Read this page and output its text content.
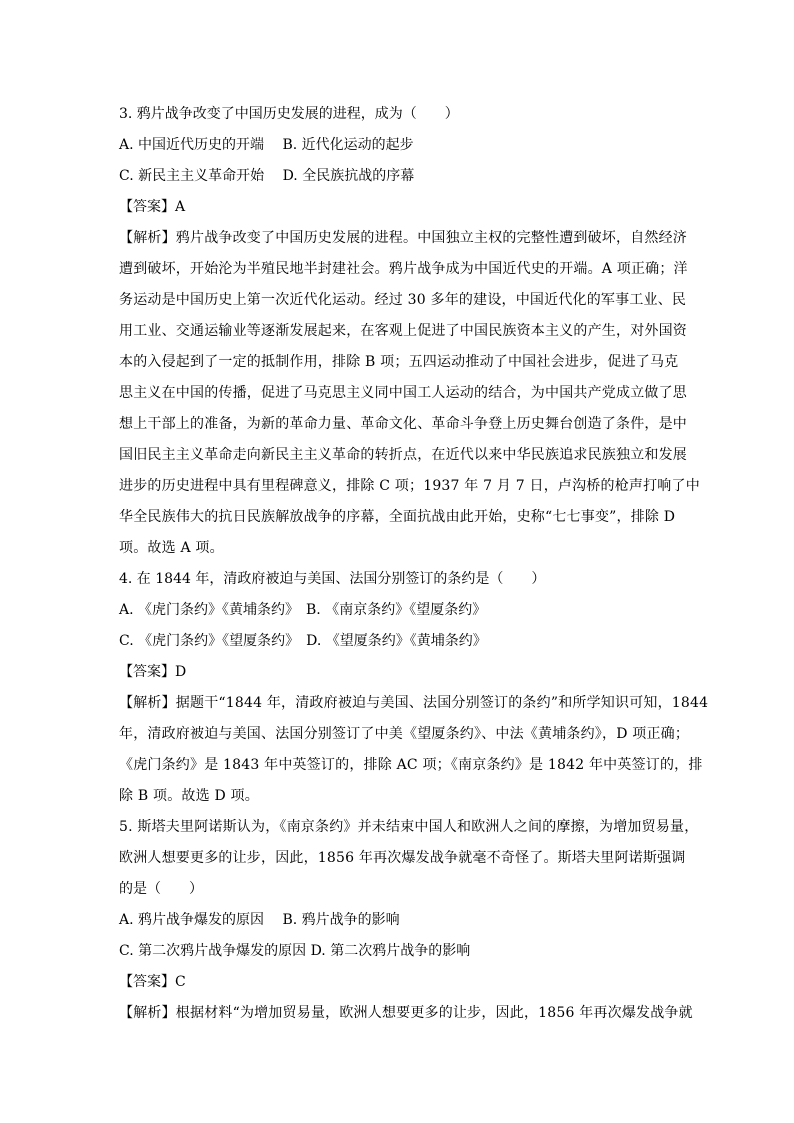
3. 鸦片战争改变了中国历史发展的进程，成为（　　）
A. 中国近代历史的开端　 B. 近代化运动的起步
C. 新民主主义革命开始　 D. 全民族抗战的序幕
【答案】A
【解析】鸦片战争改变了中国历史发展的进程。中国独立主权的完整性遭到破坏，自然经济
遭到破坏，开始沦为半殖民地半封建社会。鸦片战争成为中国近代史的开端。A 项正确；洋
务运动是中国历史上第一次近代化运动。经过 30 多年的建设，中国近代化的军事工业、民
用工业、交通运输业等逐渐发展起来，在客观上促进了中国民族资本主义的产生，对外国资
本的入侵起到了一定的抵制作用，排除 B 项；五四运动推动了中国社会进步，促进了马克
思主义在中国的传播，促进了马克思主义同中国工人运动的结合，为中国共产党成立做了思
想上干部上的准备，为新的革命力量、革命文化、革命斗争登上历史舞台创造了条件，是中
国旧民主主义革命走向新民主主义革命的转折点，在近代以来中华民族追求民族独立和发展
进步的历史进程中具有里程碑意义，排除 C 项；1937 年 7 月 7 日，卢沟桥的枪声打响了中
华全民族伟大的抗日民族解放战争的序幕，全面抗战由此开始，史称“七七事变”，排除 D
项。故选 A 项。
4. 在 1844 年，清政府被迫与美国、法国分别签订的条约是（　　）
A. 《虎门条约》《黄埔条约》　B. 《南京条约》《望厦条约》
C. 《虎门条约》《望厦条约》　D. 《望厦条约》《黄埔条约》
【答案】D
【解析】据题干“1844 年，清政府被迫与美国、法国分别签订的条约”和所学知识可知，1844
年，清政府被迫与美国、法国分别签订了中美《望厦条约》、中法《黄埔条约》，D 项正确；
《虎门条约》是 1843 年中英签订的，排除 AC 项；《南京条约》是 1842 年中英签订的，排
除 B 项。故选 D 项。
5. 斯塔夫里阿诺斯认为，《南京条约》并未结束中国人和欧洲人之间的摩擦，为增加贸易量，
欧洲人想要更多的让步，因此，1856 年再次爆发战争就毫不奇怪了。斯塔夫里阿诺斯强调
的是（　　）
A. 鸦片战争爆发的原因　 B. 鸦片战争的影响
C. 第二次鸦片战争爆发的原因 D. 第二次鸦片战争的影响
【答案】C
【解析】根据材料“为增加贸易量，欧洲人想要更多的让步，因此，1856 年再次爆发战争就
